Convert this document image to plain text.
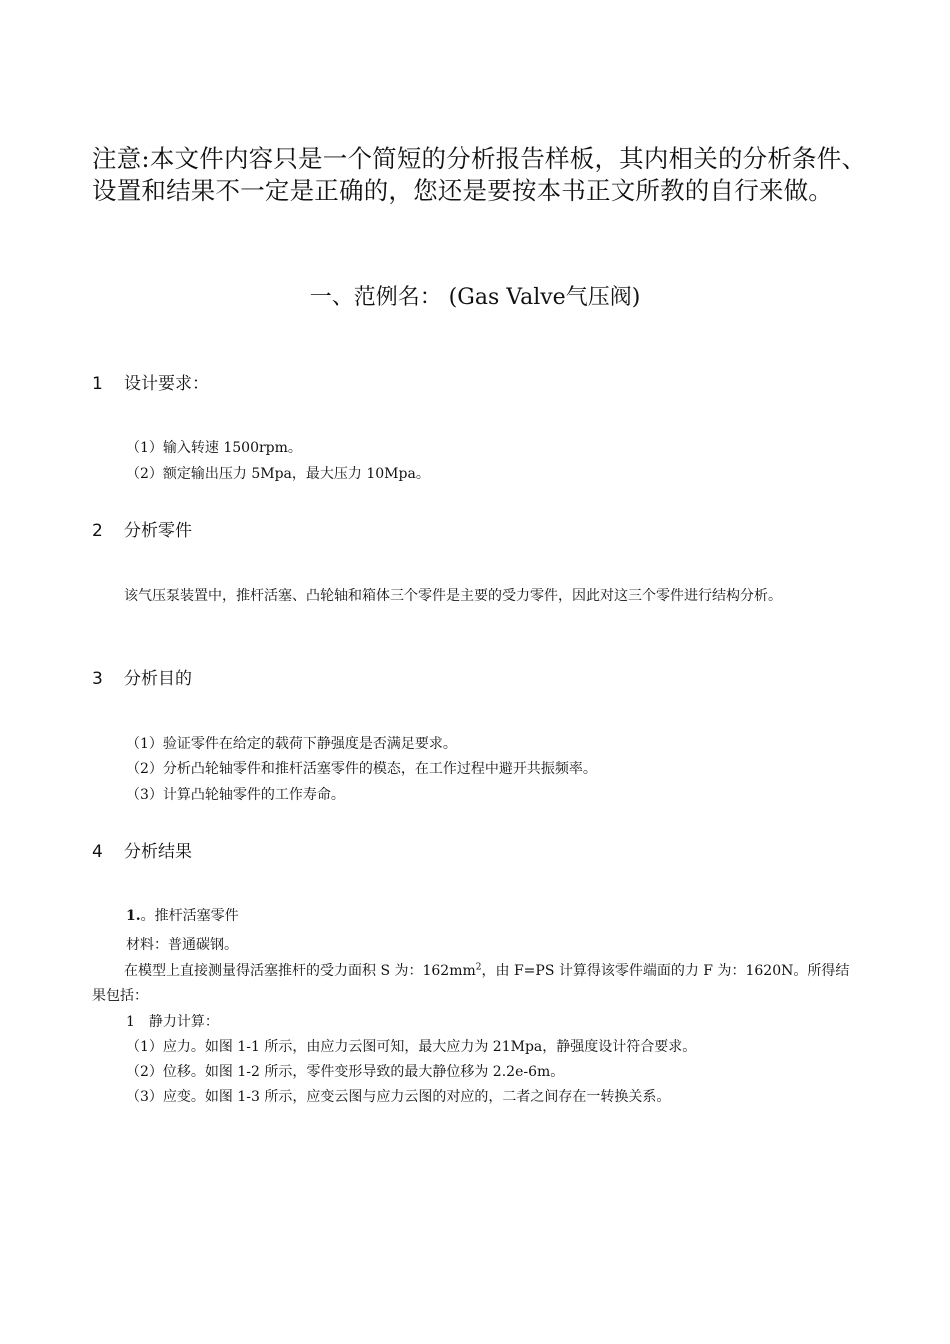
注意:本文件内容只是一个简短的分析报告样板，其内相关的分析条件、设置和结果不一定是正确的，您还是要按本书正文所教的自行来做。
一、范例名： (Gas Valve气压阀)
1 设计要求：
（1）输入转速 1500rpm。
（2）额定输出压力 5Mpa，最大压力 10Mpa。
2 分析零件
该气压泵装置中，推杆活塞、凸轮轴和箱体三个零件是主要的受力零件，因此对这三个零件进行结构分析。
3 分析目的
（1）验证零件在给定的载荷下静强度是否满足要求。
（2）分析凸轮轴零件和推杆活塞零件的模态，在工作过程中避开共振频率。
（3）计算凸轮轴零件的工作寿命。
4 分析结果
1.。推杆活塞零件
材料：普通碳钢。
在模型上直接测量得活塞推杆的受力面积 S 为：$162mm^2$，由 F=PS 计算得该零件端面的力 F 为：1620N。所得结果包括：
1　静力计算：
（1）应力。如图 1-1 所示，由应力云图可知，最大应力为 21Mpa，静强度设计符合要求。
（2）位移。如图 1-2 所示，零件变形导致的最大静位移为 2.2e-6m。
（3）应变。如图 1-3 所示，应变云图与应力云图的对应的，二者之间存在一转换关系。
